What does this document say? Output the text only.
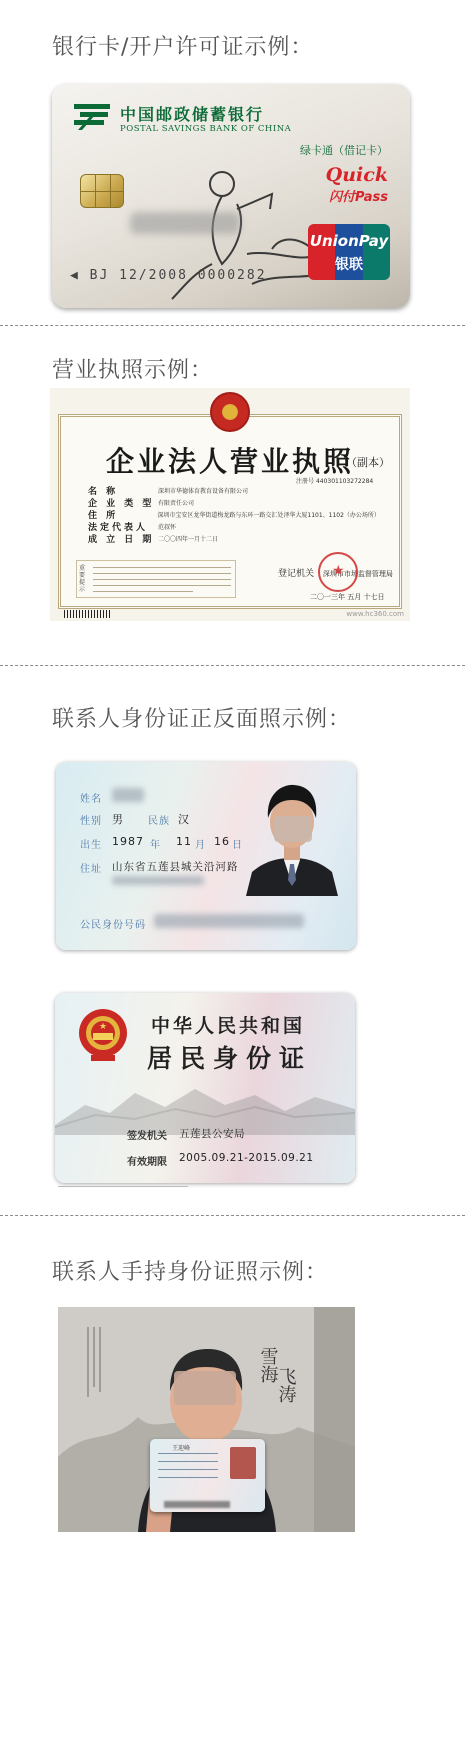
银行卡/开户许可证示例：
中国邮政储蓄银行
POSTAL SAVINGS BANK OF CHINA
绿卡通（借记卡）
Quick
闪付Pass
◀ BJ 12/2008 0000282
UnionPay
银联
营业执照示例：
企业法人营业执照
（副本）
注册号 440301103272284
名 称	深圳市华德体育教育设备有限公司
企 业 类 型 有限责任公司
住 所	深圳市宝安区龙华街道梅龙路与东环一路交汇处泽华大厦1101、1102（办公场所）
法定代表人	范叔怀
成 立 日 期 二〇〇四年一月十二日
重要提示
登记机关 深圳市市场监督管理局
★
二〇一三年 五月 十七日
www.hc360.com
联系人身份证正反面照示例：
姓名
性别 男 民族 汉
出生 1987 年 11 月 16 日
住址 山东省五莲县城关沿河路
公民身份号码
★ 中华人民共和国
居民身份证
签发机关 五莲县公安局
有效期限 2005.09.21-2015.09.21
联系人手持身份证照示例：
雪海
飞涛
王迎峰
